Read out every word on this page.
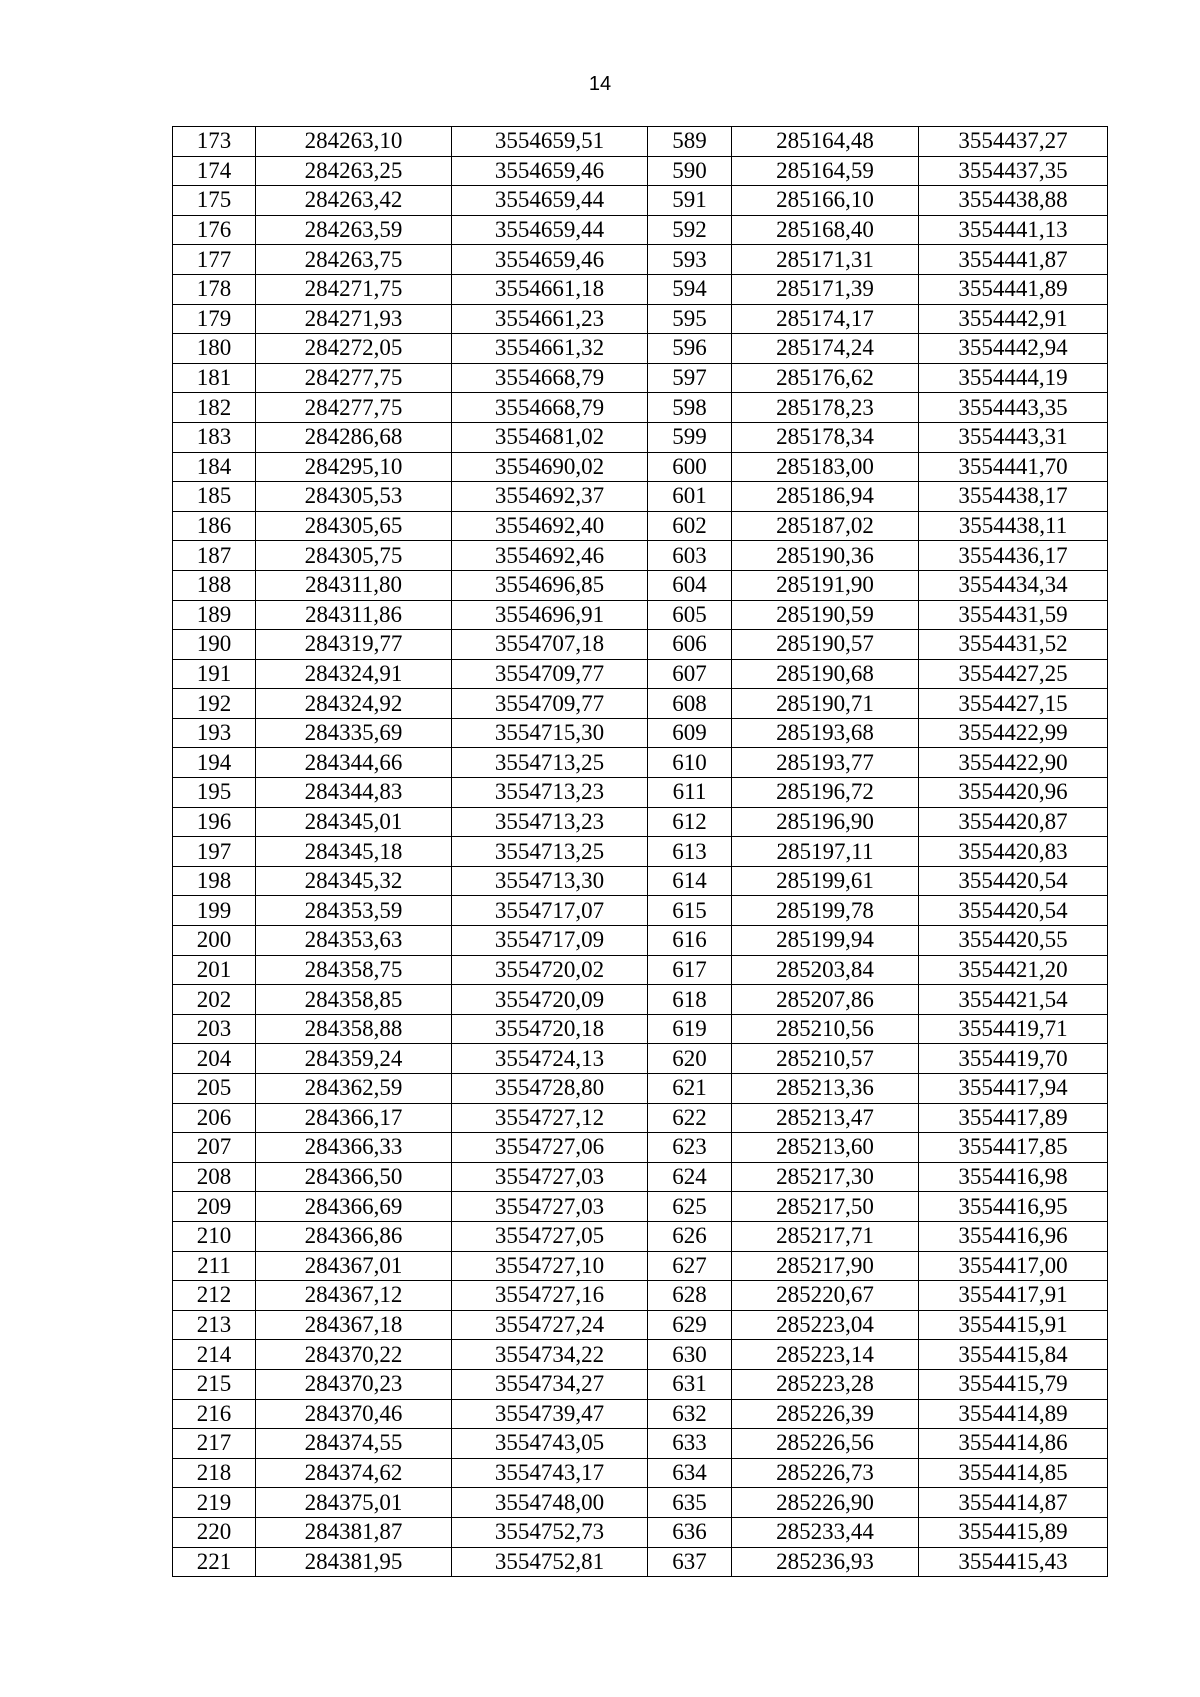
14
173	284263,10	3554659,51	589	285164,48	3554437,27
174	284263,25	3554659,46	590	285164,59	3554437,35
175	284263,42	3554659,44	591	285166,10	3554438,88
176	284263,59	3554659,44	592	285168,40	3554441,13
177	284263,75	3554659,46	593	285171,31	3554441,87
178	284271,75	3554661,18	594	285171,39	3554441,89
179	284271,93	3554661,23	595	285174,17	3554442,91
180	284272,05	3554661,32	596	285174,24	3554442,94
181	284277,75	3554668,79	597	285176,62	3554444,19
182	284277,75	3554668,79	598	285178,23	3554443,35
183	284286,68	3554681,02	599	285178,34	3554443,31
184	284295,10	3554690,02	600	285183,00	3554441,70
185	284305,53	3554692,37	601	285186,94	3554438,17
186	284305,65	3554692,40	602	285187,02	3554438,11
187	284305,75	3554692,46	603	285190,36	3554436,17
188	284311,80	3554696,85	604	285191,90	3554434,34
189	284311,86	3554696,91	605	285190,59	3554431,59
190	284319,77	3554707,18	606	285190,57	3554431,52
191	284324,91	3554709,77	607	285190,68	3554427,25
192	284324,92	3554709,77	608	285190,71	3554427,15
193	284335,69	3554715,30	609	285193,68	3554422,99
194	284344,66	3554713,25	610	285193,77	3554422,90
195	284344,83	3554713,23	611	285196,72	3554420,96
196	284345,01	3554713,23	612	285196,90	3554420,87
197	284345,18	3554713,25	613	285197,11	3554420,83
198	284345,32	3554713,30	614	285199,61	3554420,54
199	284353,59	3554717,07	615	285199,78	3554420,54
200	284353,63	3554717,09	616	285199,94	3554420,55
201	284358,75	3554720,02	617	285203,84	3554421,20
202	284358,85	3554720,09	618	285207,86	3554421,54
203	284358,88	3554720,18	619	285210,56	3554419,71
204	284359,24	3554724,13	620	285210,57	3554419,70
205	284362,59	3554728,80	621	285213,36	3554417,94
206	284366,17	3554727,12	622	285213,47	3554417,89
207	284366,33	3554727,06	623	285213,60	3554417,85
208	284366,50	3554727,03	624	285217,30	3554416,98
209	284366,69	3554727,03	625	285217,50	3554416,95
210	284366,86	3554727,05	626	285217,71	3554416,96
211	284367,01	3554727,10	627	285217,90	3554417,00
212	284367,12	3554727,16	628	285220,67	3554417,91
213	284367,18	3554727,24	629	285223,04	3554415,91
214	284370,22	3554734,22	630	285223,14	3554415,84
215	284370,23	3554734,27	631	285223,28	3554415,79
216	284370,46	3554739,47	632	285226,39	3554414,89
217	284374,55	3554743,05	633	285226,56	3554414,86
218	284374,62	3554743,17	634	285226,73	3554414,85
219	284375,01	3554748,00	635	285226,90	3554414,87
220	284381,87	3554752,73	636	285233,44	3554415,89
221	284381,95	3554752,81	637	285236,93	3554415,43
